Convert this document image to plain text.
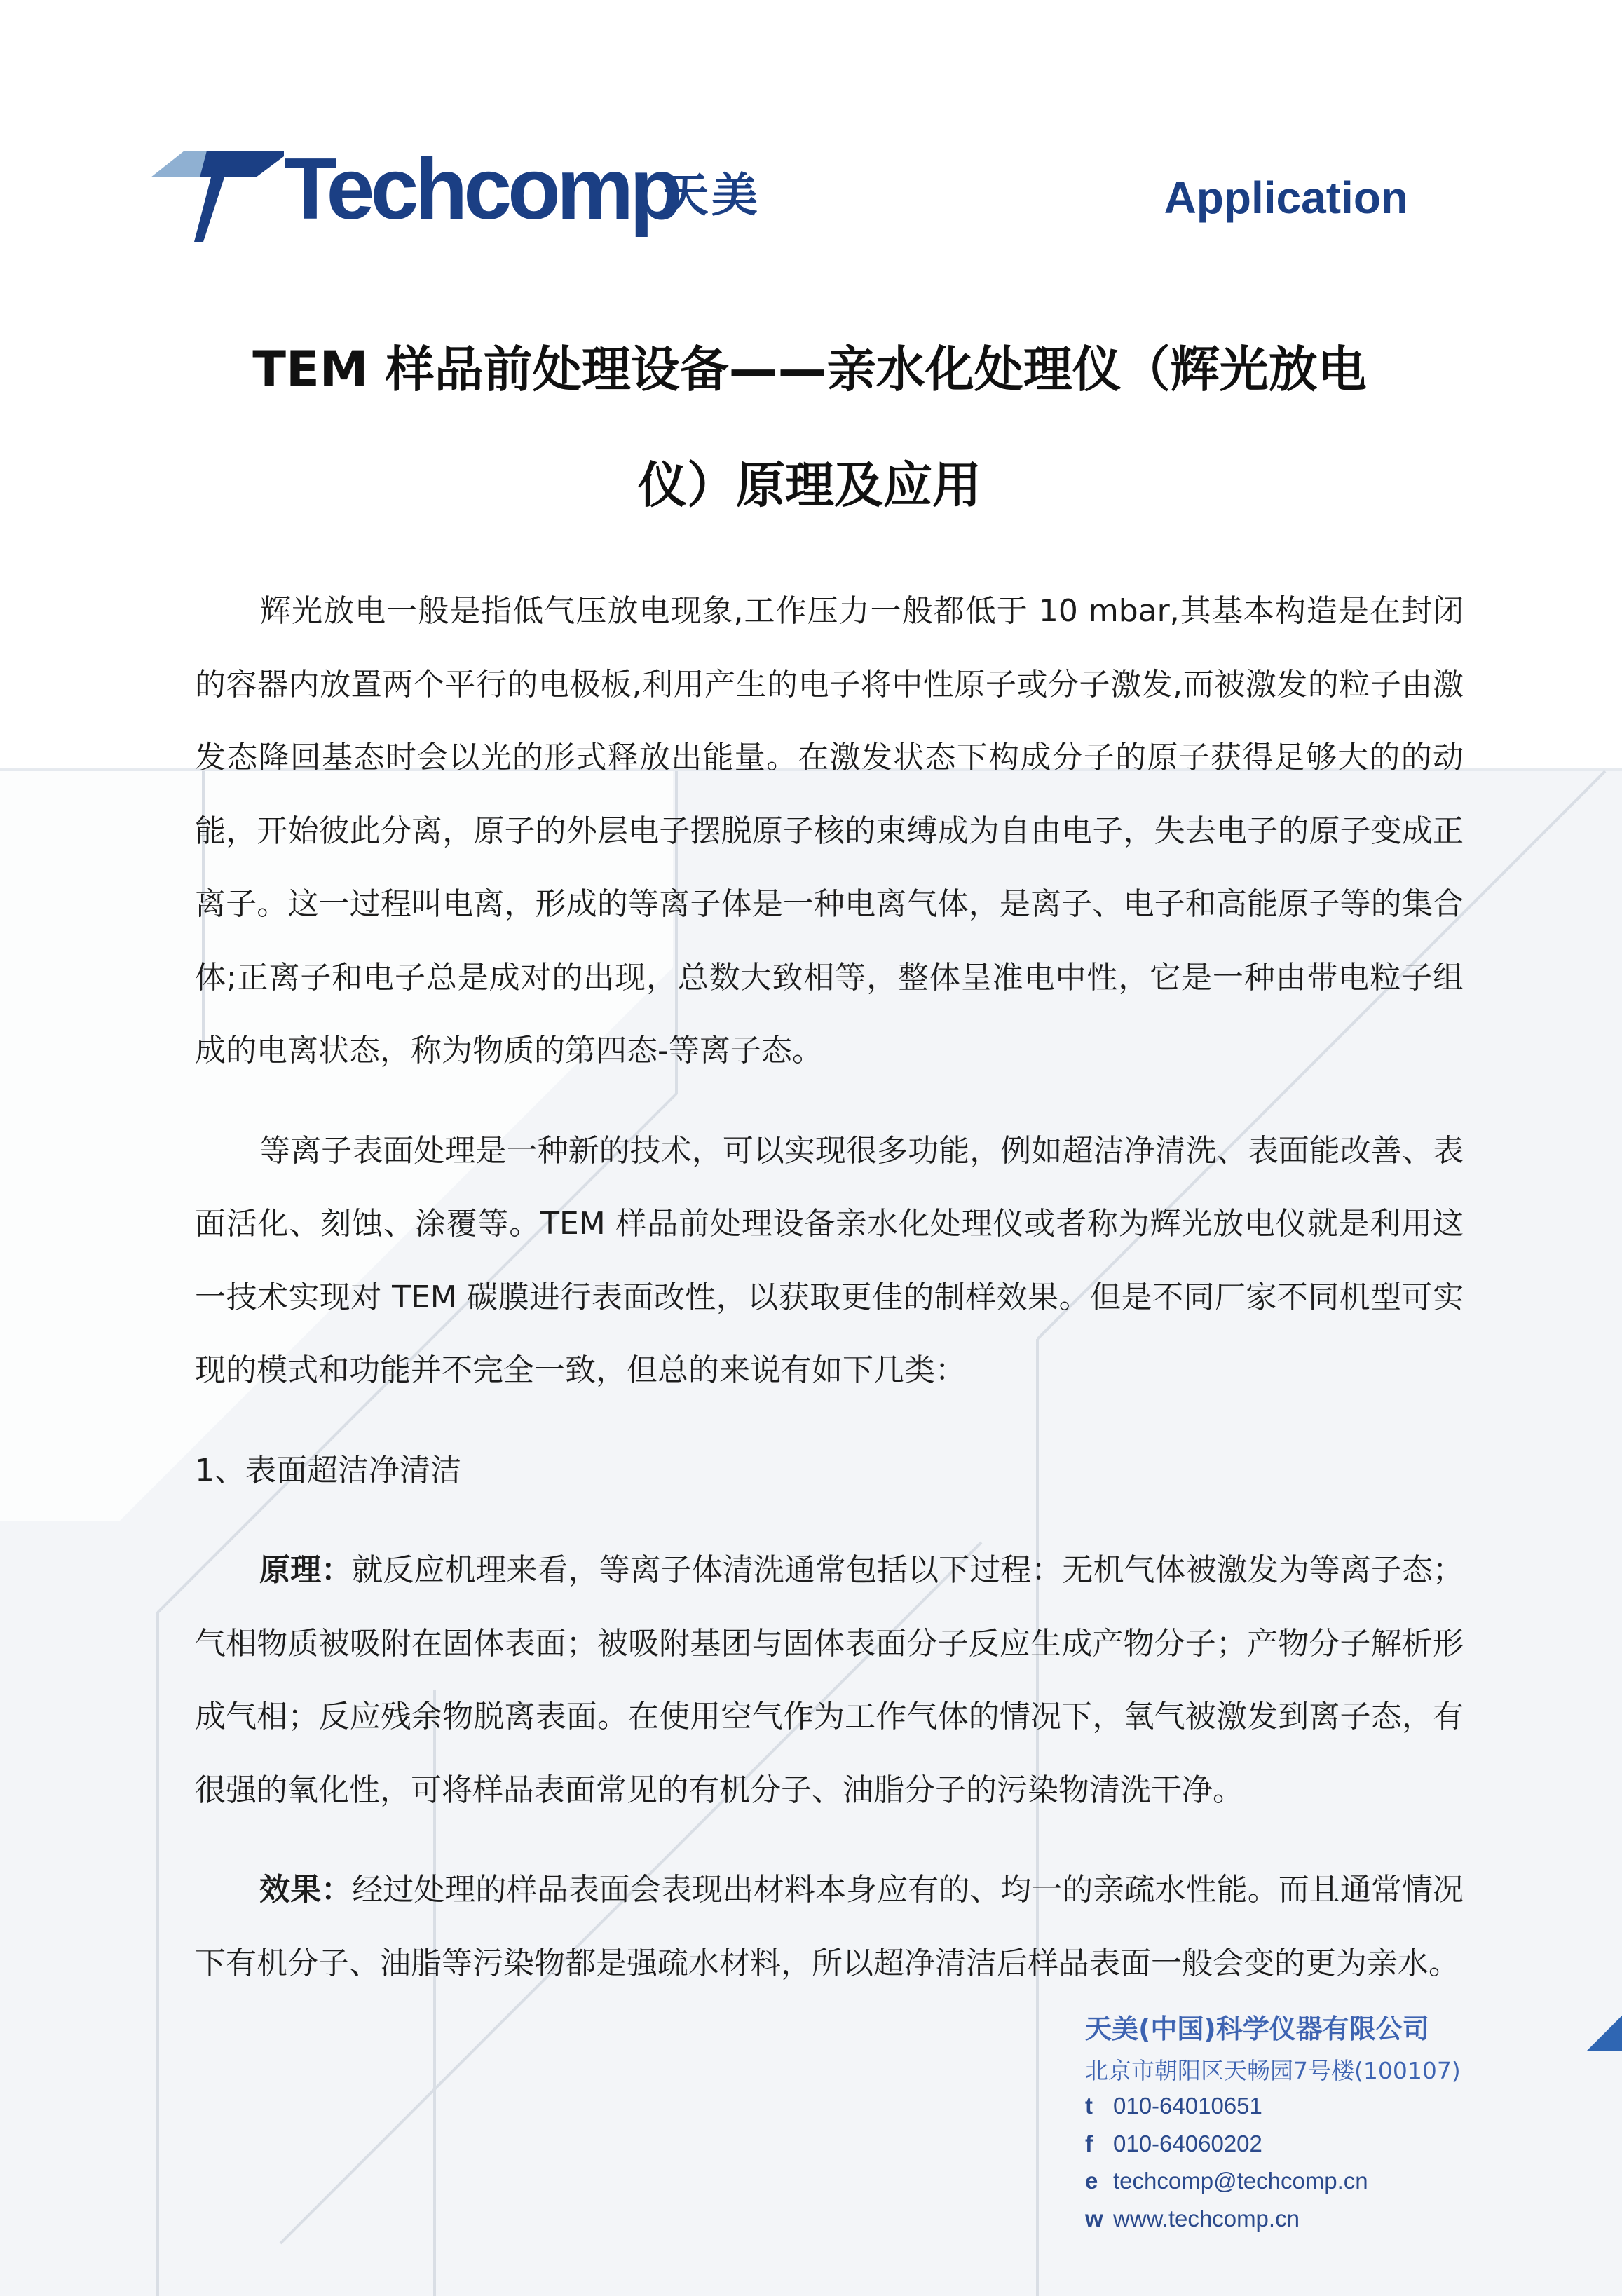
Techcomp
天美	Application
TEM 样品前处理设备——亲水化处理仪（辉光放电
仪）原理及应用

辉光放电一般是指低气压放电现象,工作压力一般都低于 10 mbar,其基本构造是在封闭的容器内放置两个平行的电极板,利用产生的电子将中性原子或分子激发,而被激发的粒子由激发态降回基态时会以光的形式释放出能量。在激发状态下构成分子的原子获得足够大的的动能，开始彼此分离，原子的外层电子摆脱原子核的束缚成为自由电子，失去电子的原子变成正离子。这一过程叫电离，形成的等离子体是一种电离气体，是离子、电子和高能原子等的集合体;正离子和电子总是成对的出现，总数大致相等，整体呈准电中性，它是一种由带电粒子组成的电离状态，称为物质的第四态-等离子态。

等离子表面处理是一种新的技术，可以实现很多功能，例如超洁净清洗、表面能改善、表面活化、刻蚀、涂覆等。TEM 样品前处理设备亲水化处理仪或者称为辉光放电仪就是利用这一技术实现对 TEM 碳膜进行表面改性，以获取更佳的制样效果。但是不同厂家不同机型可实现的模式和功能并不完全一致，但总的来说有如下几类：

1、表面超洁净清洁

原理：就反应机理来看，等离子体清洗通常包括以下过程：无机气体被激发为等离子态；气相物质被吸附在固体表面；被吸附基团与固体表面分子反应生成产物分子；产物分子解析形成气相；反应残余物脱离表面。在使用空气作为工作气体的情况下，氧气被激发到离子态，有很强的氧化性，可将样品表面常见的有机分子、油脂分子的污染物清洗干净。

效果：经过处理的样品表面会表现出材料本身应有的、均一的亲疏水性能。而且通常情况下有机分子、油脂等污染物都是强疏水材料，所以超净清洁后样品表面一般会变的更为亲水。

天美(中国)科学仪器有限公司
北京市朝阳区天畅园7号楼(100107)
t 010-64010651
f 010-64060202
e techcomp@techcomp.cn
w www.techcomp.cn
